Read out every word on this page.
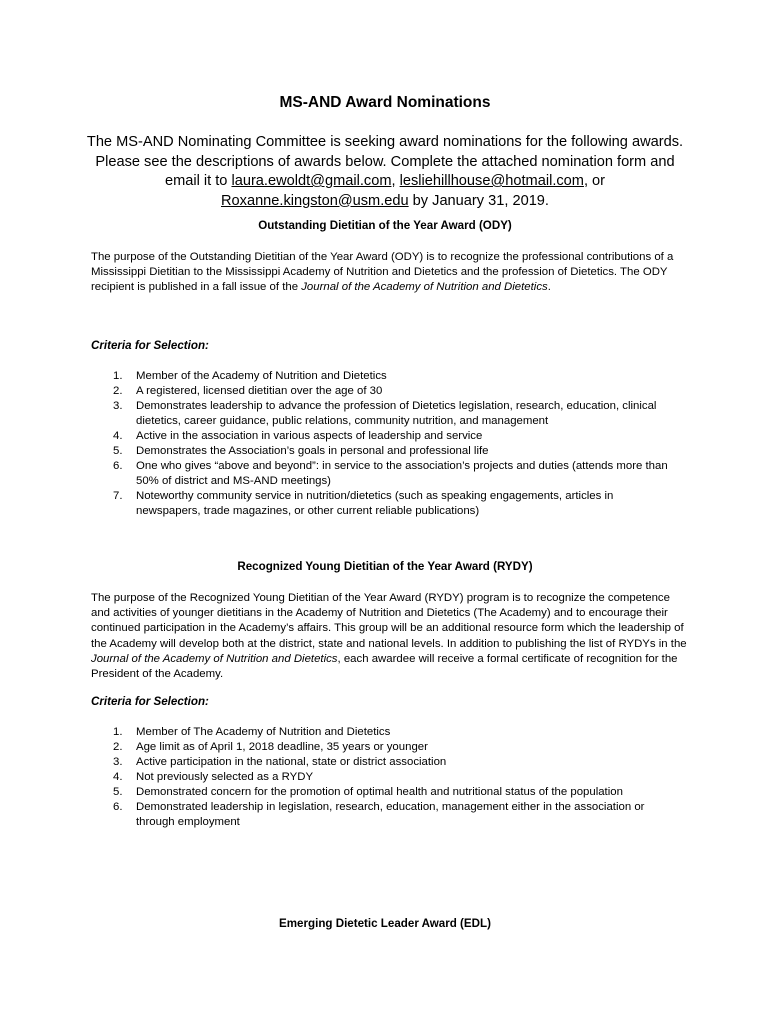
MS-AND Award Nominations
The MS-AND Nominating Committee is seeking award nominations for the following awards. Please see the descriptions of awards below. Complete the attached nomination form and email it to laura.ewoldt@gmail.com, lesliehillhouse@hotmail.com, or Roxanne.kingston@usm.edu by January 31, 2019.
Outstanding Dietitian of the Year Award (ODY)
The purpose of the Outstanding Dietitian of the Year Award (ODY) is to recognize the professional contributions of a Mississippi Dietitian to the Mississippi Academy of Nutrition and Dietetics and the profession of Dietetics. The ODY recipient is published in a fall issue of the Journal of the Academy of Nutrition and Dietetics.
Criteria for Selection:
1. Member of the Academy of Nutrition and Dietetics
2. A registered, licensed dietitian over the age of 30
3. Demonstrates leadership to advance the profession of Dietetics legislation, research, education, clinical dietetics, career guidance, public relations, community nutrition, and management
4. Active in the association in various aspects of leadership and service
5. Demonstrates the Association’s goals in personal and professional life
6. One who gives “above and beyond”: in service to the association’s projects and duties (attends more than 50% of district and MS-AND meetings)
7. Noteworthy community service in nutrition/dietetics (such as speaking engagements, articles in newspapers, trade magazines, or other current reliable publications)
Recognized Young Dietitian of the Year Award (RYDY)
The purpose of the Recognized Young Dietitian of the Year Award (RYDY) program is to recognize the competence and activities of younger dietitians in the Academy of Nutrition and Dietetics (The Academy) and to encourage their continued participation in the Academy’s affairs. This group will be an additional resource form which the leadership of the Academy will develop both at the district, state and national levels. In addition to publishing the list of RYDYs in the Journal of the Academy of Nutrition and Dietetics, each awardee will receive a formal certificate of recognition for the President of the Academy.
Criteria for Selection:
1. Member of The Academy of Nutrition and Dietetics
2. Age limit as of April 1, 2018 deadline, 35 years or younger
3. Active participation in the national, state or district association
4. Not previously selected as a RYDY
5. Demonstrated concern for the promotion of optimal health and nutritional status of the population
6. Demonstrated leadership in legislation, research, education, management either in the association or through employment
Emerging Dietetic Leader Award (EDL)
